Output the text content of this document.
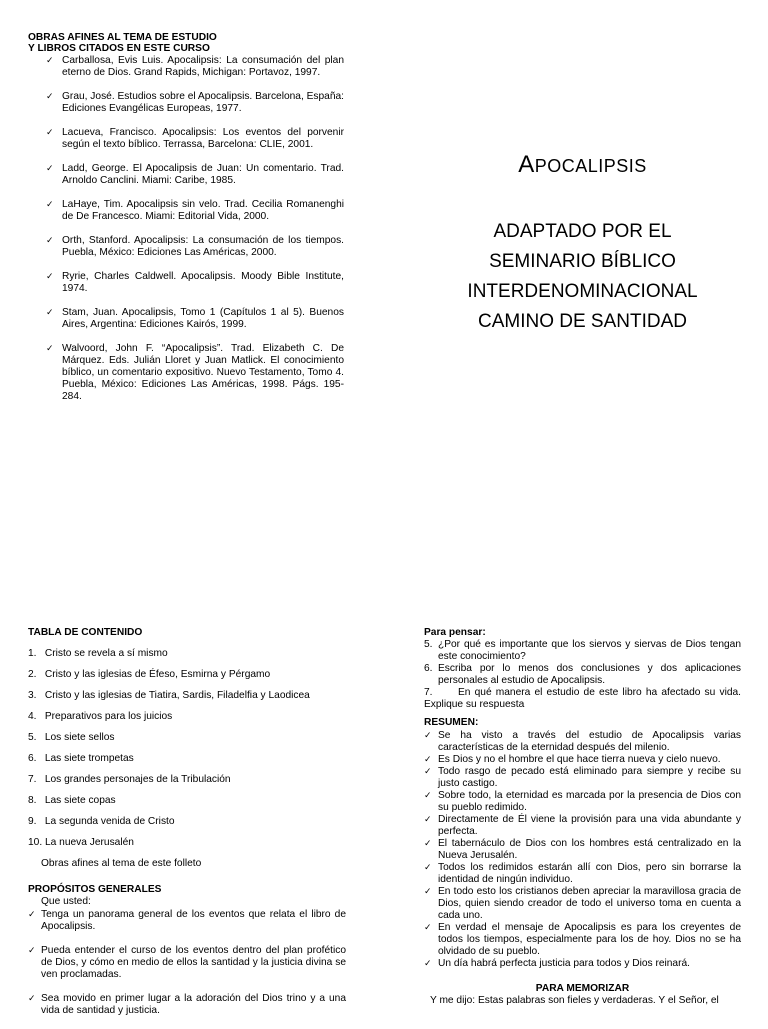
OBRAS AFINES AL TEMA DE ESTUDIO
Y LIBROS CITADOS EN ESTE CURSO
✓ Carballosa, Evis Luis. Apocalipsis: La consumación del plan eterno de Dios. Grand Rapids, Michigan: Portavoz, 1997.
✓ Grau, José. Estudios sobre el Apocalipsis. Barcelona, España: Ediciones Evangélicas Europeas, 1977.
✓ Lacueva, Francisco. Apocalipsis: Los eventos del porvenir según el texto bíblico. Terrassa, Barcelona: CLIE, 2001.
✓ Ladd, George. El Apocalipsis de Juan: Un comentario. Trad. Arnoldo Canclini. Miami: Caribe, 1985.
✓ LaHaye, Tim. Apocalipsis sin velo. Trad. Cecilia Romanenghi de De Francesco. Miami: Editorial Vida, 2000.
✓ Orth, Stanford. Apocalipsis: La consumación de los tiempos. Puebla, México: Ediciones Las Américas, 2000.
✓ Ryrie, Charles Caldwell. Apocalipsis. Moody Bible Institute, 1974.
✓ Stam, Juan. Apocalipsis, Tomo 1 (Capítulos 1 al 5). Buenos Aires, Argentina: Ediciones Kairós, 1999.
✓ Walvoord, John F. “Apocalipsis”. Trad. Elizabeth C. De Márquez. Eds. Julián Lloret y Juan Matlick. El conocimiento bíblico, un comentario expositivo. Nuevo Testamento, Tomo 4. Puebla, México: Ediciones Las Américas, 1998. Págs. 195-284.
APOCALIPSIS
ADAPTADO POR EL
SEMINARIO BÍBLICO
INTERDENOMINACIONAL
CAMINO DE SANTIDAD
TABLA DE CONTENIDO
1. Cristo se revela a sí mismo
2. Cristo y las iglesias de Éfeso, Esmirna y Pérgamo
3. Cristo y las iglesias de Tiatira, Sardis, Filadelfia y Laodicea
4. Preparativos para los juicios
5. Los siete sellos
6. Las siete trompetas
7. Los grandes personajes de la Tribulación
8. Las siete copas
9. La segunda venida de Cristo
10. La nueva Jerusalén
Obras afines al tema de este folleto
PROPÓSITOS GENERALES
Que usted:
✓ Tenga un panorama general de los eventos que relata el libro de Apocalipsis.
✓ Pueda entender el curso de los eventos dentro del plan profético de Dios, y cómo en medio de ellos la santidad y la justicia divina se ven proclamadas.
✓ Sea movido en primer lugar a la adoración del Dios trino y a una vida de santidad y justicia.
Para pensar:
5. ¿Por qué es importante que los siervos y siervas de Dios tengan este conocimiento?
6. Escriba por lo menos dos conclusiones y dos aplicaciones personales al estudio de Apocalipsis.
7.	En qué manera el estudio de este libro ha afectado su vida. Explique su respuesta
RESUMEN:
✓ Se ha visto a través del estudio de Apocalipsis varias características de la eternidad después del milenio.
✓ Es Dios y no el hombre el que hace tierra nueva y cielo nuevo.
✓ Todo rasgo de pecado está eliminado para siempre y recibe su justo castigo.
✓ Sobre todo, la eternidad es marcada por la presencia de Dios con su pueblo redimido.
✓ Directamente de Él viene la provisión para una vida abundante y perfecta.
✓ El tabernáculo de Dios con los hombres está centralizado en la Nueva Jerusalén.
✓ Todos los redimidos estarán allí con Dios, pero sin borrarse la identidad de ningún individuo.
✓ En todo esto los cristianos deben apreciar la maravillosa gracia de Dios, quien siendo creador de todo el universo toma en cuenta a cada uno.
✓ En verdad el mensaje de Apocalipsis es para los creyentes de todos los tiempos, especialmente para los de hoy. Dios no se ha olvidado de su pueblo.
✓ Un día habrá perfecta justicia para todos y Dios reinará.
PARA MEMORIZAR
Y me dijo: Estas palabras son fieles y verdaderas. Y el Señor, el
